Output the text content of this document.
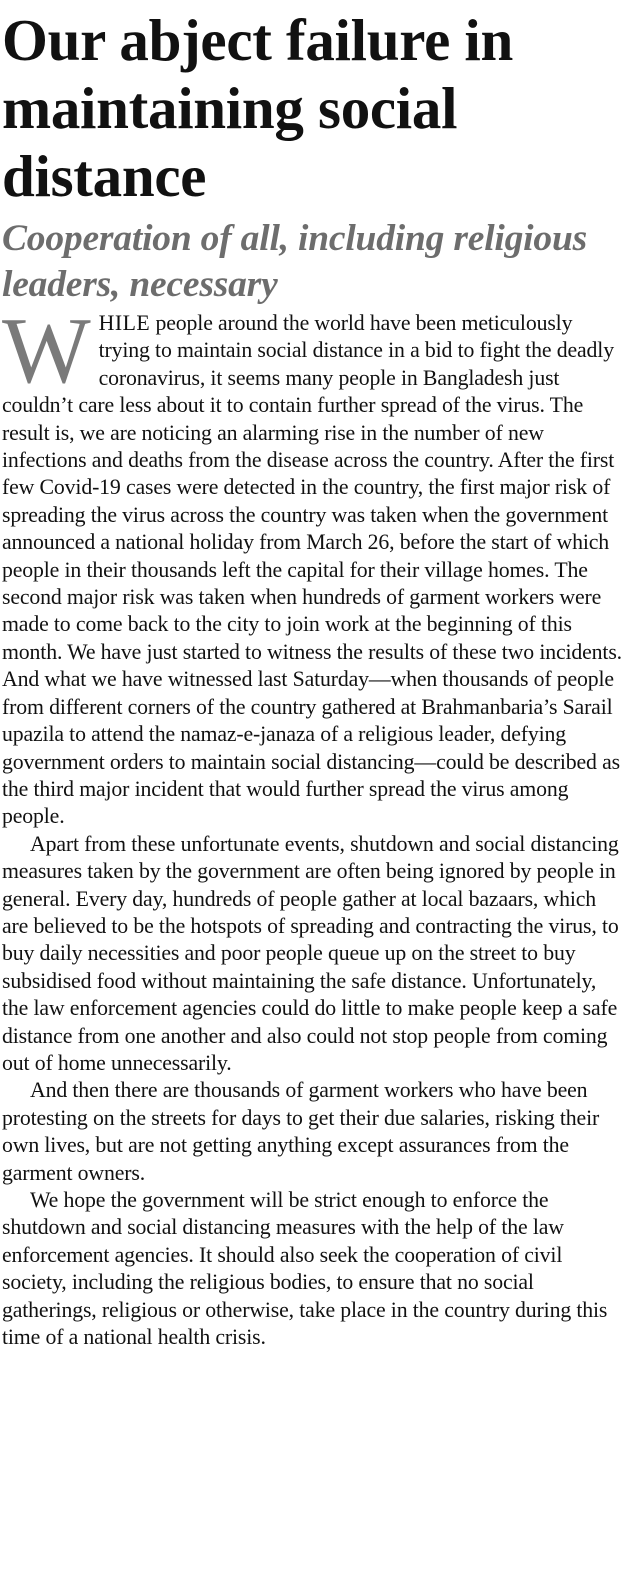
Our abject failure in maintaining social distance
Cooperation of all, including religious leaders, necessary

WHILE people around the world have been meticulously trying to maintain social distance in a bid to fight the deadly coronavirus, it seems many people in Bangladesh just couldn’t care less about it to contain further spread of the virus. The result is, we are noticing an alarming rise in the number of new infections and deaths from the disease across the country. After the first few Covid-19 cases were detected in the country, the first major risk of spreading the virus across the country was taken when the government announced a national holiday from March 26, before the start of which people in their thousands left the capital for their village homes. The second major risk was taken when hundreds of garment workers were made to come back to the city to join work at the beginning of this month. We have just started to witness the results of these two incidents. And what we have witnessed last Saturday—when thousands of people from different corners of the country gathered at Brahmanbaria’s Sarail upazila to attend the namaz-e-janaza of a religious leader, defying government orders to maintain social distancing—could be described as the third major incident that would further spread the virus among people.

Apart from these unfortunate events, shutdown and social distancing measures taken by the government are often being ignored by people in general. Every day, hundreds of people gather at local bazaars, which are believed to be the hotspots of spreading and contracting the virus, to buy daily necessities and poor people queue up on the street to buy subsidised food without maintaining the safe distance. Unfortunately, the law enforcement agencies could do little to make people keep a safe distance from one another and also could not stop people from coming out of home unnecessarily.

And then there are thousands of garment workers who have been protesting on the streets for days to get their due salaries, risking their own lives, but are not getting anything except assurances from the garment owners.

We hope the government will be strict enough to enforce the shutdown and social distancing measures with the help of the law enforcement agencies. It should also seek the cooperation of civil society, including the religious bodies, to ensure that no social gatherings, religious or otherwise, take place in the country during this time of a national health crisis.
